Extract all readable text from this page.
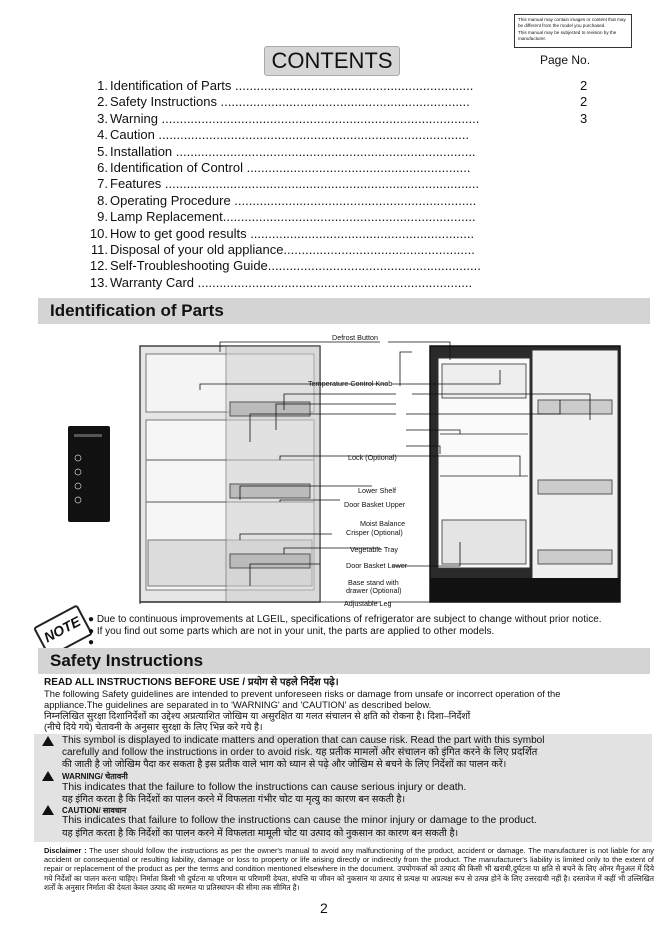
This manual may contain images or content that may be different from the model you purchased.
This manual may be subjected to revision by the manufacturer.
CONTENTS	Page No.
1. Identification of Parts ..................................................................	2
2. Safety Instructions .....................................................................	2
3. Warning ........................................................................................	3
4. Caution ......................................................................................
5. Installation ...................................................................................
6. Identification of Control ..............................................................
7. Features .......................................................................................
8. Operating Procedure ...................................................................
9. Lamp Replacement......................................................................
10. How to get good results ..............................................................
11. Disposal of your old appliance.....................................................
12. Self-Troubleshooting Guide...........................................................
13. Warranty Card ............................................................................
Identification of Parts
Defrost Button
Temperature Control Knob
Lock (Optional)
Lower Shelf
Door Basket Upper
Moist Balance
Crisper (Optional)
Vegetable Tray
Door Basket Lower
Base stand with
drawer (Optional)
Adjustable Leg
NOTE ● Due to continuous improvements at LGEIL, specifications of refrigerator are subject to change without prior notice.
● If you find out some parts which are not in your unit, the parts are applied to other models.
●
Safety Instructions
READ ALL INSTRUCTIONS BEFORE USE / प्रयोग से पहले निर्देश पढ़े।
The following Safety guidelines are intended to prevent unforeseen risks or damage from unsafe or incorrect operation of the
appliance.The guidelines are separated in to 'WARNING' and 'CAUTION' as described below.
निम्नलिखित सुरक्षा दिशानिर्देशों का उद्देश्य अप्रत्याशित जोखिम या असुरक्षित या गलत संचालन से क्षति को रोकना है। दिशा–निर्देशों
(नीचे दिये गये) चेतावनी के अनुसार सुरक्षा के लिए भिन्न करे गये है।
This symbol is displayed to indicate matters and operation that can cause risk. Read the part with this symbol
carefully and follow the instructions in order to avoid risk. यह प्रतीक मामलों और संचालन को इंगित करने के लिए प्रदर्शित
की जाती है जो जोखिम पैदा कर सकता है इस प्रतीक वाले भाग को ध्यान से पढ़े और जोखिम से बचने के लिए निर्देशों का पालन करें।
WARNING/ चेतावनी
This indicates that the failure to follow the instructions can cause serious injury or death.
यह इंगित करता है कि निर्देशों का पालन करने में विफलता गंभीर चोट या मृत्यु का कारण बन सकती है।
CAUTION/ सावधान
This indicates that failure to follow the instructions can cause the minor injury or damage to the product.
यह इंगित करता है कि निर्देशों का पालन करने में विफलता मामूली चोट या उत्पाद को नुकसान का कारण बन सकती है।
Disclaimer : The user should follow the instructions as per the owner's manual to avoid any malfunctioning of the product, accident or damage. The manufacturer is not liable for any accident or consequential or resulting liability, damage or loss to property or life arising directly or indirectly from the product. The manufacturer's liability is limited only to the extent of repair or replacement of the product as per the terms and condition mentioned elsewhere in the document. उपयोगकर्ता को उत्पाद की किसी भी खराबी,दुर्घटना या क्षति से बचने के लिए ओनर मैनुअल में दिये गये निर्देशों का पालन करना चाहिए। निर्माता किसी भी दुर्घटना या परिणाम या परिणामी देयता, संपत्ति या जीवन को नुकसान या उत्पाद से प्रत्यक्ष या अप्रत्यक्ष रूप से उत्पन्न होने के लिए उत्तरदायी नहीं है। दस्तावेज में कहीं भी उल्लिखित शर्तों के अनुसार निर्माता की देयता केवल उत्पाद की मरम्मत या प्रतिस्थापन की सीमा तक सीमित है।
2
